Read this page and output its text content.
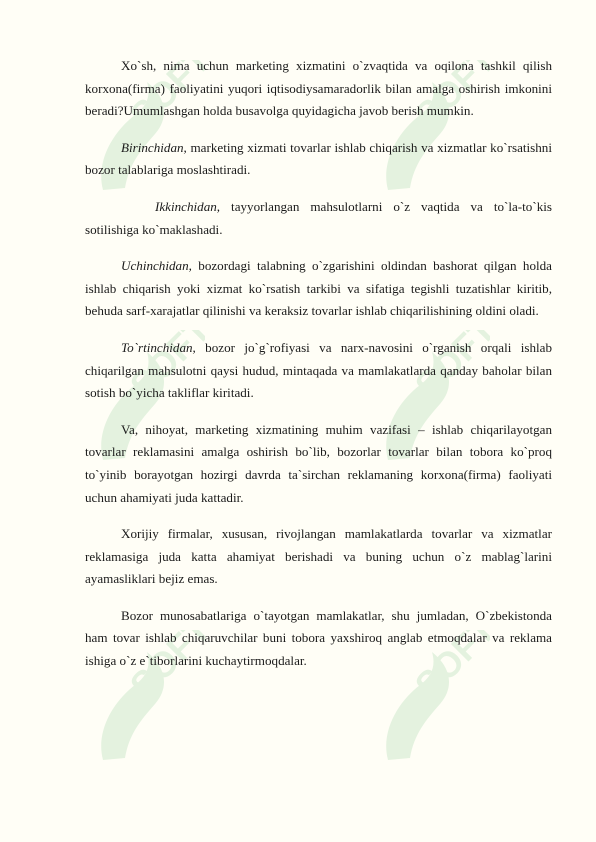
SOFT	SOFT
SOFT	SOFT
SOFT	SOFT

Xo`sh, nima uchun marketing xizmatini o`zvaqtida va oqilona tashkil qilish korxona(firma) faoliyatini yuqori iqtisodiysamaradorlik bilan amalga oshirish imkonini beradi?Umumlashgan holda busavolga quyidagicha javob berish mumkin.

Birinchidan, marketing xizmati tovarlar ishlab chiqarish va xizmatlar ko`rsatishni bozor talablariga moslashtiradi.

Ikkinchidan, tayyorlangan mahsulotlarni o`z vaqtida va to`la-to`kis sotilishiga ko`maklashadi.

Uchinchidan, bozordagi talabning o`zgarishini oldindan bashorat qilgan holda ishlab chiqarish yoki xizmat ko`rsatish tarkibi va sifatiga tegishli tuzatishlar kiritib, behuda sarf-xarajatlar qilinishi va keraksiz tovarlar ishlab chiqarilishining oldini oladi.

To`rtinchidan, bozor jo`g`rofiyasi va narx-navosini o`rganish orqali ishlab chiqarilgan mahsulotni qaysi hudud, mintaqada va mamlakatlarda qanday baholar bilan sotish bo`yicha takliflar kiritadi.

Va, nihoyat, marketing xizmatining muhim vazifasi – ishlab chiqarilayotgan tovarlar reklamasini amalga oshirish bo`lib, bozorlar tovarlar bilan tobora ko`proq to`yinib borayotgan hozirgi davrda ta`sirchan reklamaning korxona(firma) faoliyati uchun ahamiyati juda kattadir.

Xorijiy firmalar, xususan, rivojlangan mamlakatlarda tovarlar va xizmatlar reklamasiga juda katta ahamiyat berishadi va buning uchun o`z mablag`larini ayamasliklari bejiz emas.

Bozor munosabatlariga o`tayotgan mamlakatlar, shu jumladan, O`zbekistonda ham tovar ishlab chiqaruvchilar buni tobora yaxshiroq anglab etmoqdalar va reklama ishiga o`z e`tiborlarini kuchaytirmoqdalar.
